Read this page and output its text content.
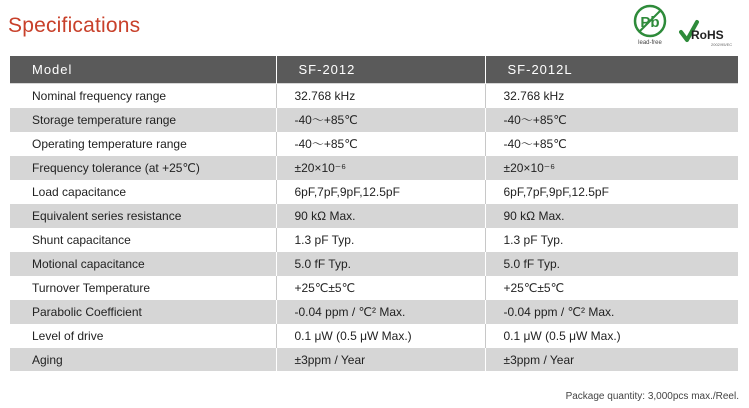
Specifications	Pb
lead-free
RoHS
2002/95/EC
Model	SF-2012	SF-2012L
Nominal frequency range	32.768 kHz	32.768 kHz
Storage temperature range	-40～+85℃	-40～+85℃
Operating temperature range	-40～+85℃	-40～+85℃
Frequency tolerance (at +25℃)	±20×10⁻⁶	±20×10⁻⁶
Load capacitance	6pF,7pF,9pF,12.5pF	6pF,7pF,9pF,12.5pF
Equivalent series resistance	90 kΩ Max.	90 kΩ Max.
Shunt capacitance	1.3 pF Typ.	1.3 pF Typ.
Motional capacitance	5.0 fF Typ.	5.0 fF Typ.
Turnover Temperature	+25℃±5℃	+25℃±5℃
Parabolic Coefficient	-0.04 ppm / ℃² Max.	-0.04 ppm / ℃² Max.
Level of drive	0.1 μW (0.5 μW Max.)	0.1 μW (0.5 μW Max.)
Aging	±3ppm / Year	±3ppm / Year
Package quantity: 3,000pcs max./Reel.
